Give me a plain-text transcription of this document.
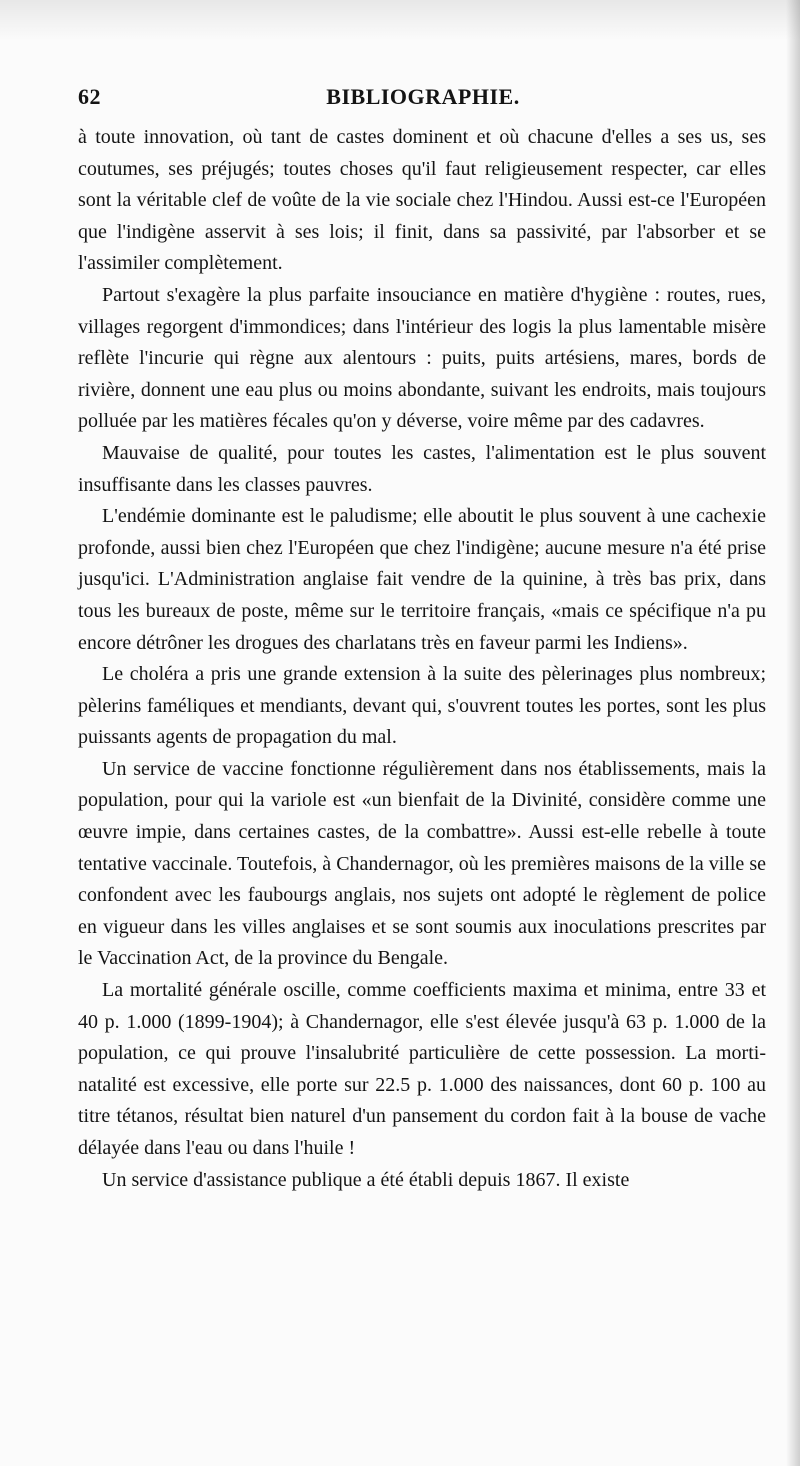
62	BIBLIOGRAPHIE.

à toute innovation, où tant de castes dominent et où chacune d'elles a ses us, ses coutumes, ses préjugés; toutes choses qu'il faut religieusement respecter, car elles sont la véritable clef de voûte de la vie sociale chez l'Hindou. Aussi est-ce l'Européen que l'indigène asservit à ses lois; il finit, dans sa passivité, par l'absorber et se l'assimiler complètement.

Partout s'exagère la plus parfaite insouciance en matière d'hygiène : routes, rues, villages regorgent d'immondices; dans l'intérieur des logis la plus lamentable misère reflète l'incurie qui règne aux alentours : puits, puits artésiens, mares, bords de rivière, donnent une eau plus ou moins abondante, suivant les endroits, mais toujours polluée par les matières fécales qu'on y déverse, voire même par des cadavres.

Mauvaise de qualité, pour toutes les castes, l'alimentation est le plus souvent insuffisante dans les classes pauvres.

L'endémie dominante est le paludisme; elle aboutit le plus souvent à une cachexie profonde, aussi bien chez l'Européen que chez l'indigène; aucune mesure n'a été prise jusqu'ici. L'Administration anglaise fait vendre de la quinine, à très bas prix, dans tous les bureaux de poste, même sur le territoire français, «mais ce spécifique n'a pu encore détrôner les drogues des charlatans très en faveur parmi les Indiens».

Le choléra a pris une grande extension à la suite des pèlerinages plus nombreux; pèlerins faméliques et mendiants, devant qui, s'ouvrent toutes les portes, sont les plus puissants agents de propagation du mal.

Un service de vaccine fonctionne régulièrement dans nos établissements, mais la population, pour qui la variole est «un bienfait de la Divinité, considère comme une œuvre impie, dans certaines castes, de la combattre». Aussi est-elle rebelle à toute tentative vaccinale. Toutefois, à Chandernagor, où les premières maisons de la ville se confondent avec les faubourgs anglais, nos sujets ont adopté le règlement de police en vigueur dans les villes anglaises et se sont soumis aux inoculations prescrites par le Vaccination Act, de la province du Bengale.

La mortalité générale oscille, comme coefficients maxima et minima, entre 33 et 40 p. 1.000 (1899-1904); à Chandernagor, elle s'est élevée jusqu'à 63 p. 1.000 de la population, ce qui prouve l'insalubrité particulière de cette possession. La morti-natalité est excessive, elle porte sur 22.5 p. 1.000 des naissances, dont 60 p. 100 au titre tétanos, résultat bien naturel d'un pansement du cordon fait à la bouse de vache délayée dans l'eau ou dans l'huile !

Un service d'assistance publique a été établi depuis 1867. Il existe
